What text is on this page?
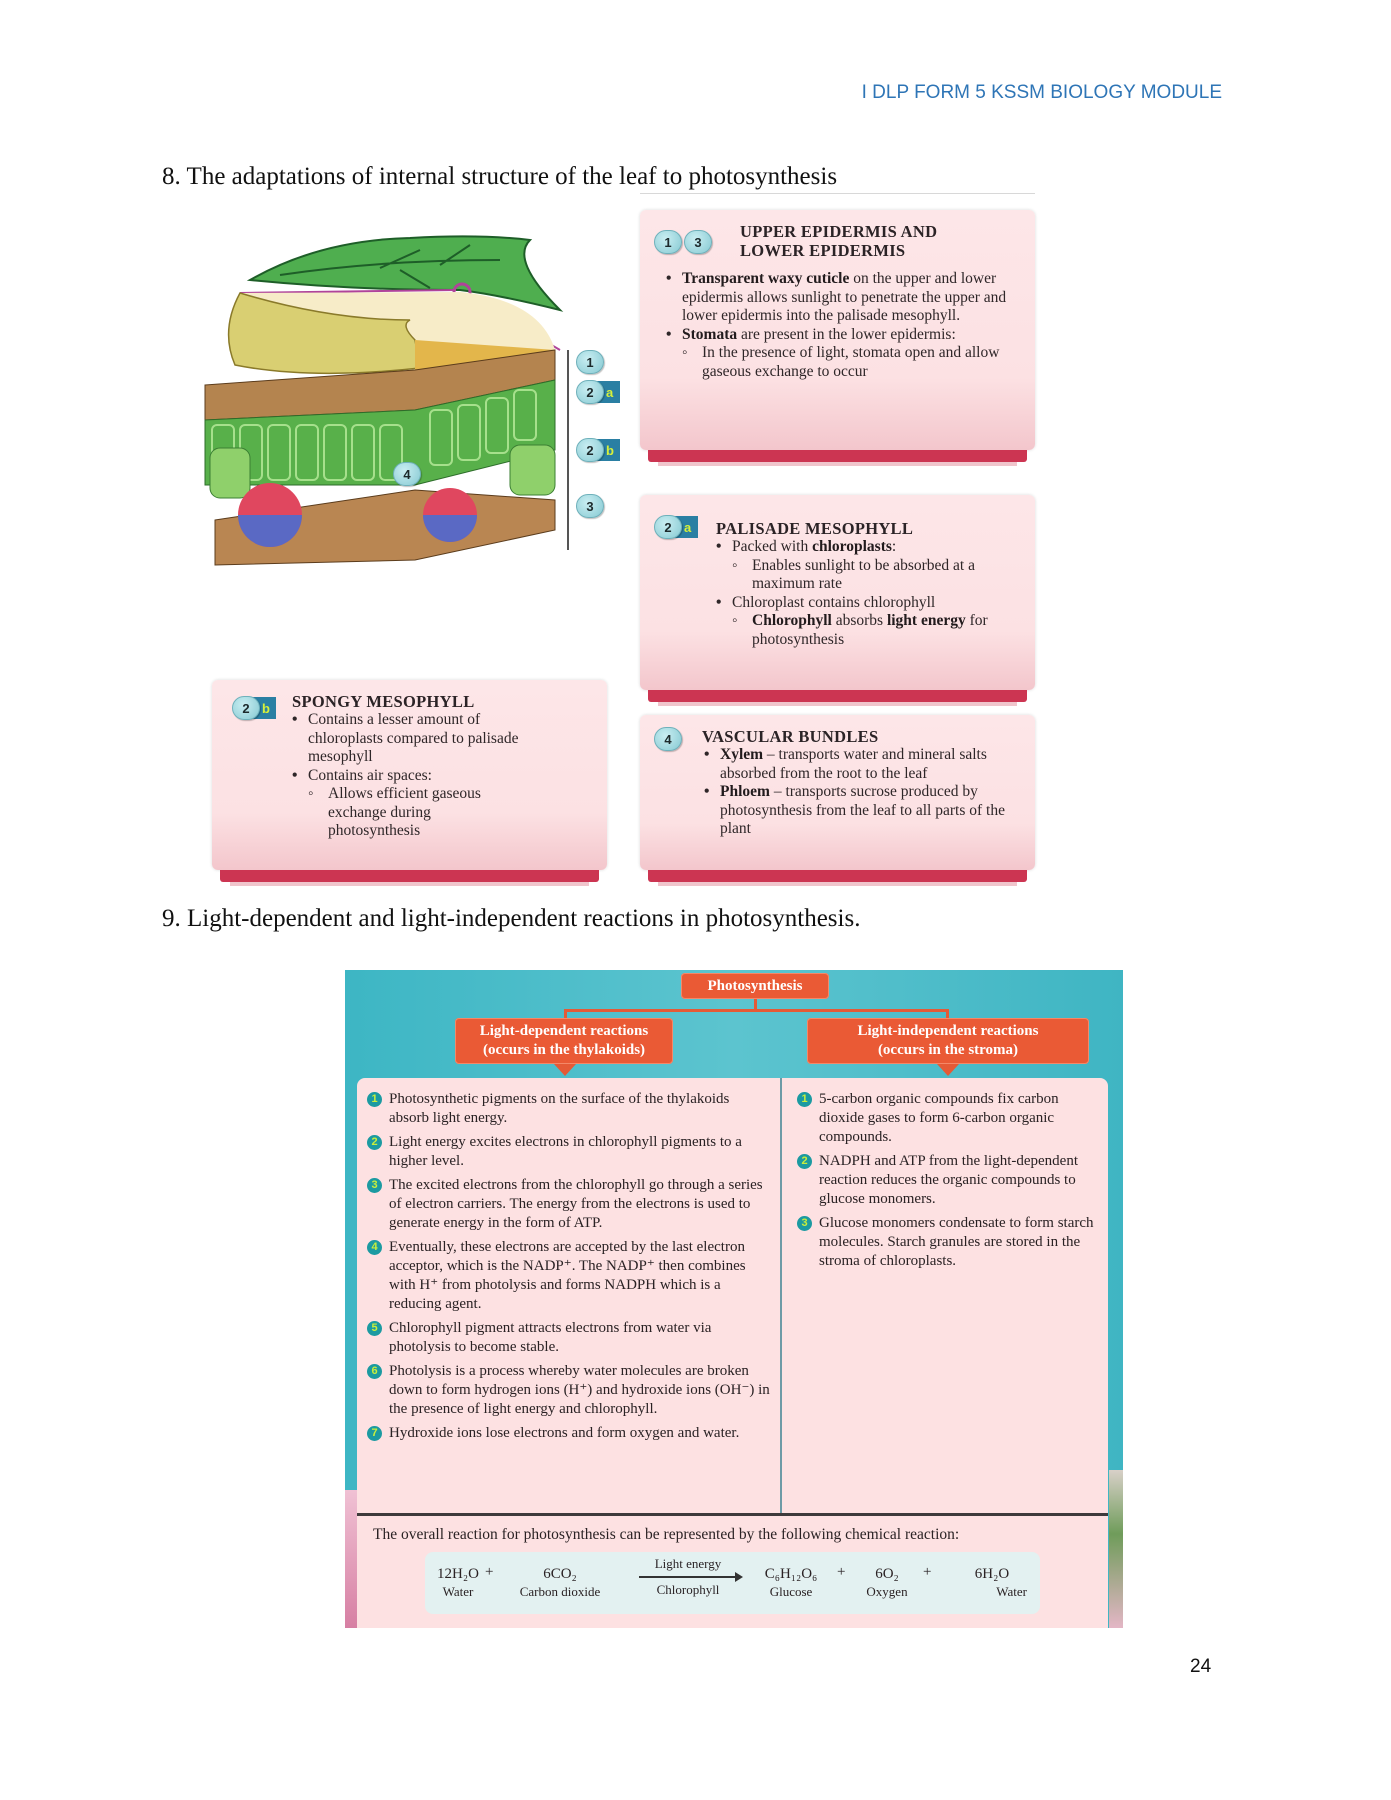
I DLP FORM 5 KSSM BIOLOGY MODULE
8. The adaptations of internal structure of the leaf to photosynthesis
1
2 a
2 b
3
4
1	3
UPPER EPIDERMIS AND
LOWER EPIDERMIS
• Transparent waxy cuticle on the upper and lower epidermis allows sunlight to penetrate the upper and lower epidermis into the palisade mesophyll.
• Stomata are present in the lower epidermis:
◦ In the presence of light, stomata open and allow gaseous exchange to occur
2 a	PALISADE MESOPHYLL
• Packed with chloroplasts:
◦ Enables sunlight to be absorbed at a maximum rate
• Chloroplast contains chlorophyll
◦ Chlorophyll absorbs light energy for photosynthesis
2 b	SPONGY MESOPHYLL
• Contains a lesser amount of chloroplasts compared to palisade mesophyll
• Contains air spaces:
◦ Allows efficient gaseous exchange during photosynthesis
4	VASCULAR BUNDLES
• Xylem – transports water and mineral salts absorbed from the root to the leaf
• Phloem – transports sucrose produced by photosynthesis from the leaf to all parts of the plant
9. Light-dependent and light-independent reactions in photosynthesis.
Photosynthesis
Light-dependent reactions
(occurs in the thylakoids)
Light-independent reactions
(occurs in the stroma)
1 Photosynthetic pigments on the surface of the thylakoids absorb light energy.
2 Light energy excites electrons in chlorophyll pigments to a higher level.
3 The excited electrons from the chlorophyll go through a series of electron carriers. The energy from the electrons is used to generate energy in the form of ATP.
4 Eventually, these electrons are accepted by the last electron acceptor, which is the NADP⁺. The NADP⁺ then combines with H⁺ from photolysis and forms NADPH which is a reducing agent.
5 Chlorophyll pigment attracts electrons from water via photolysis to become stable.
6 Photolysis is a process whereby water molecules are broken down to form hydrogen ions (H⁺) and hydroxide ions (OH⁻) in the presence of light energy and chlorophyll.
7 Hydroxide ions lose electrons and form oxygen and water.
1 5-carbon organic compounds fix carbon dioxide gases to form 6-carbon organic compounds.
2 NADPH and ATP from the light-dependent reaction reduces the organic compounds to glucose monomers.
3 Glucose monomers condensate to form starch molecules. Starch granules are stored in the stroma of chloroplasts.
The overall reaction for photosynthesis can be represented by the following chemical reaction:
12H₂O
Water
+	6CO₂
Carbon dioxide
Light energy
Chlorophyll
C₆H₁₂O₆
Glucose
+	6O₂
Oxygen
+	6H₂O
Water
24
